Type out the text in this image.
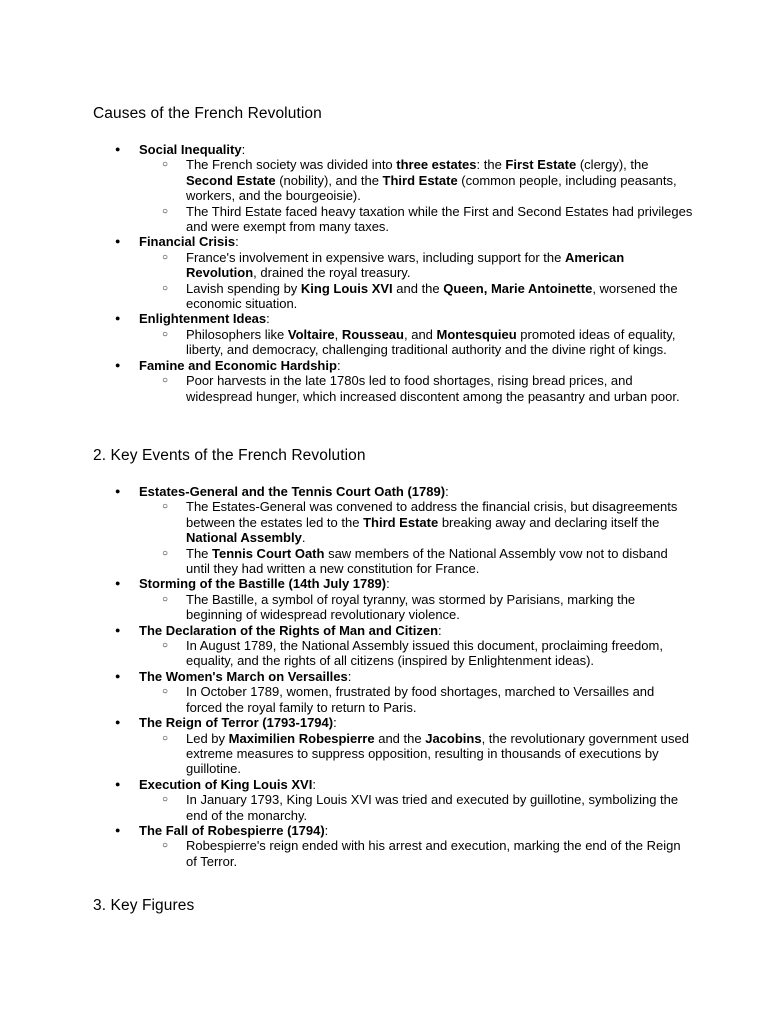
Causes of the French Revolution
● Social Inequality:
○ The French society was divided into three estates: the First Estate (clergy), the Second Estate (nobility), and the Third Estate (common people, including peasants, workers, and the bourgeoisie).
○ The Third Estate faced heavy taxation while the First and Second Estates had privileges and were exempt from many taxes.
● Financial Crisis:
○ France's involvement in expensive wars, including support for the American Revolution, drained the royal treasury.
○ Lavish spending by King Louis XVI and the Queen, Marie Antoinette, worsened the economic situation.
● Enlightenment Ideas:
○ Philosophers like Voltaire, Rousseau, and Montesquieu promoted ideas of equality, liberty, and democracy, challenging traditional authority and the divine right of kings.
● Famine and Economic Hardship:
○ Poor harvests in the late 1780s led to food shortages, rising bread prices, and widespread hunger, which increased discontent among the peasantry and urban poor.
2. Key Events of the French Revolution
● Estates-General and the Tennis Court Oath (1789):
○ The Estates-General was convened to address the financial crisis, but disagreements between the estates led to the Third Estate breaking away and declaring itself the National Assembly.
○ The Tennis Court Oath saw members of the National Assembly vow not to disband until they had written a new constitution for France.
● Storming of the Bastille (14th July 1789):
○ The Bastille, a symbol of royal tyranny, was stormed by Parisians, marking the beginning of widespread revolutionary violence.
● The Declaration of the Rights of Man and Citizen:
○ In August 1789, the National Assembly issued this document, proclaiming freedom, equality, and the rights of all citizens (inspired by Enlightenment ideas).
● The Women's March on Versailles:
○ In October 1789, women, frustrated by food shortages, marched to Versailles and forced the royal family to return to Paris.
● The Reign of Terror (1793-1794):
○ Led by Maximilien Robespierre and the Jacobins, the revolutionary government used extreme measures to suppress opposition, resulting in thousands of executions by guillotine.
● Execution of King Louis XVI:
○ In January 1793, King Louis XVI was tried and executed by guillotine, symbolizing the end of the monarchy.
● The Fall of Robespierre (1794):
○ Robespierre's reign ended with his arrest and execution, marking the end of the Reign of Terror.
3. Key Figures
